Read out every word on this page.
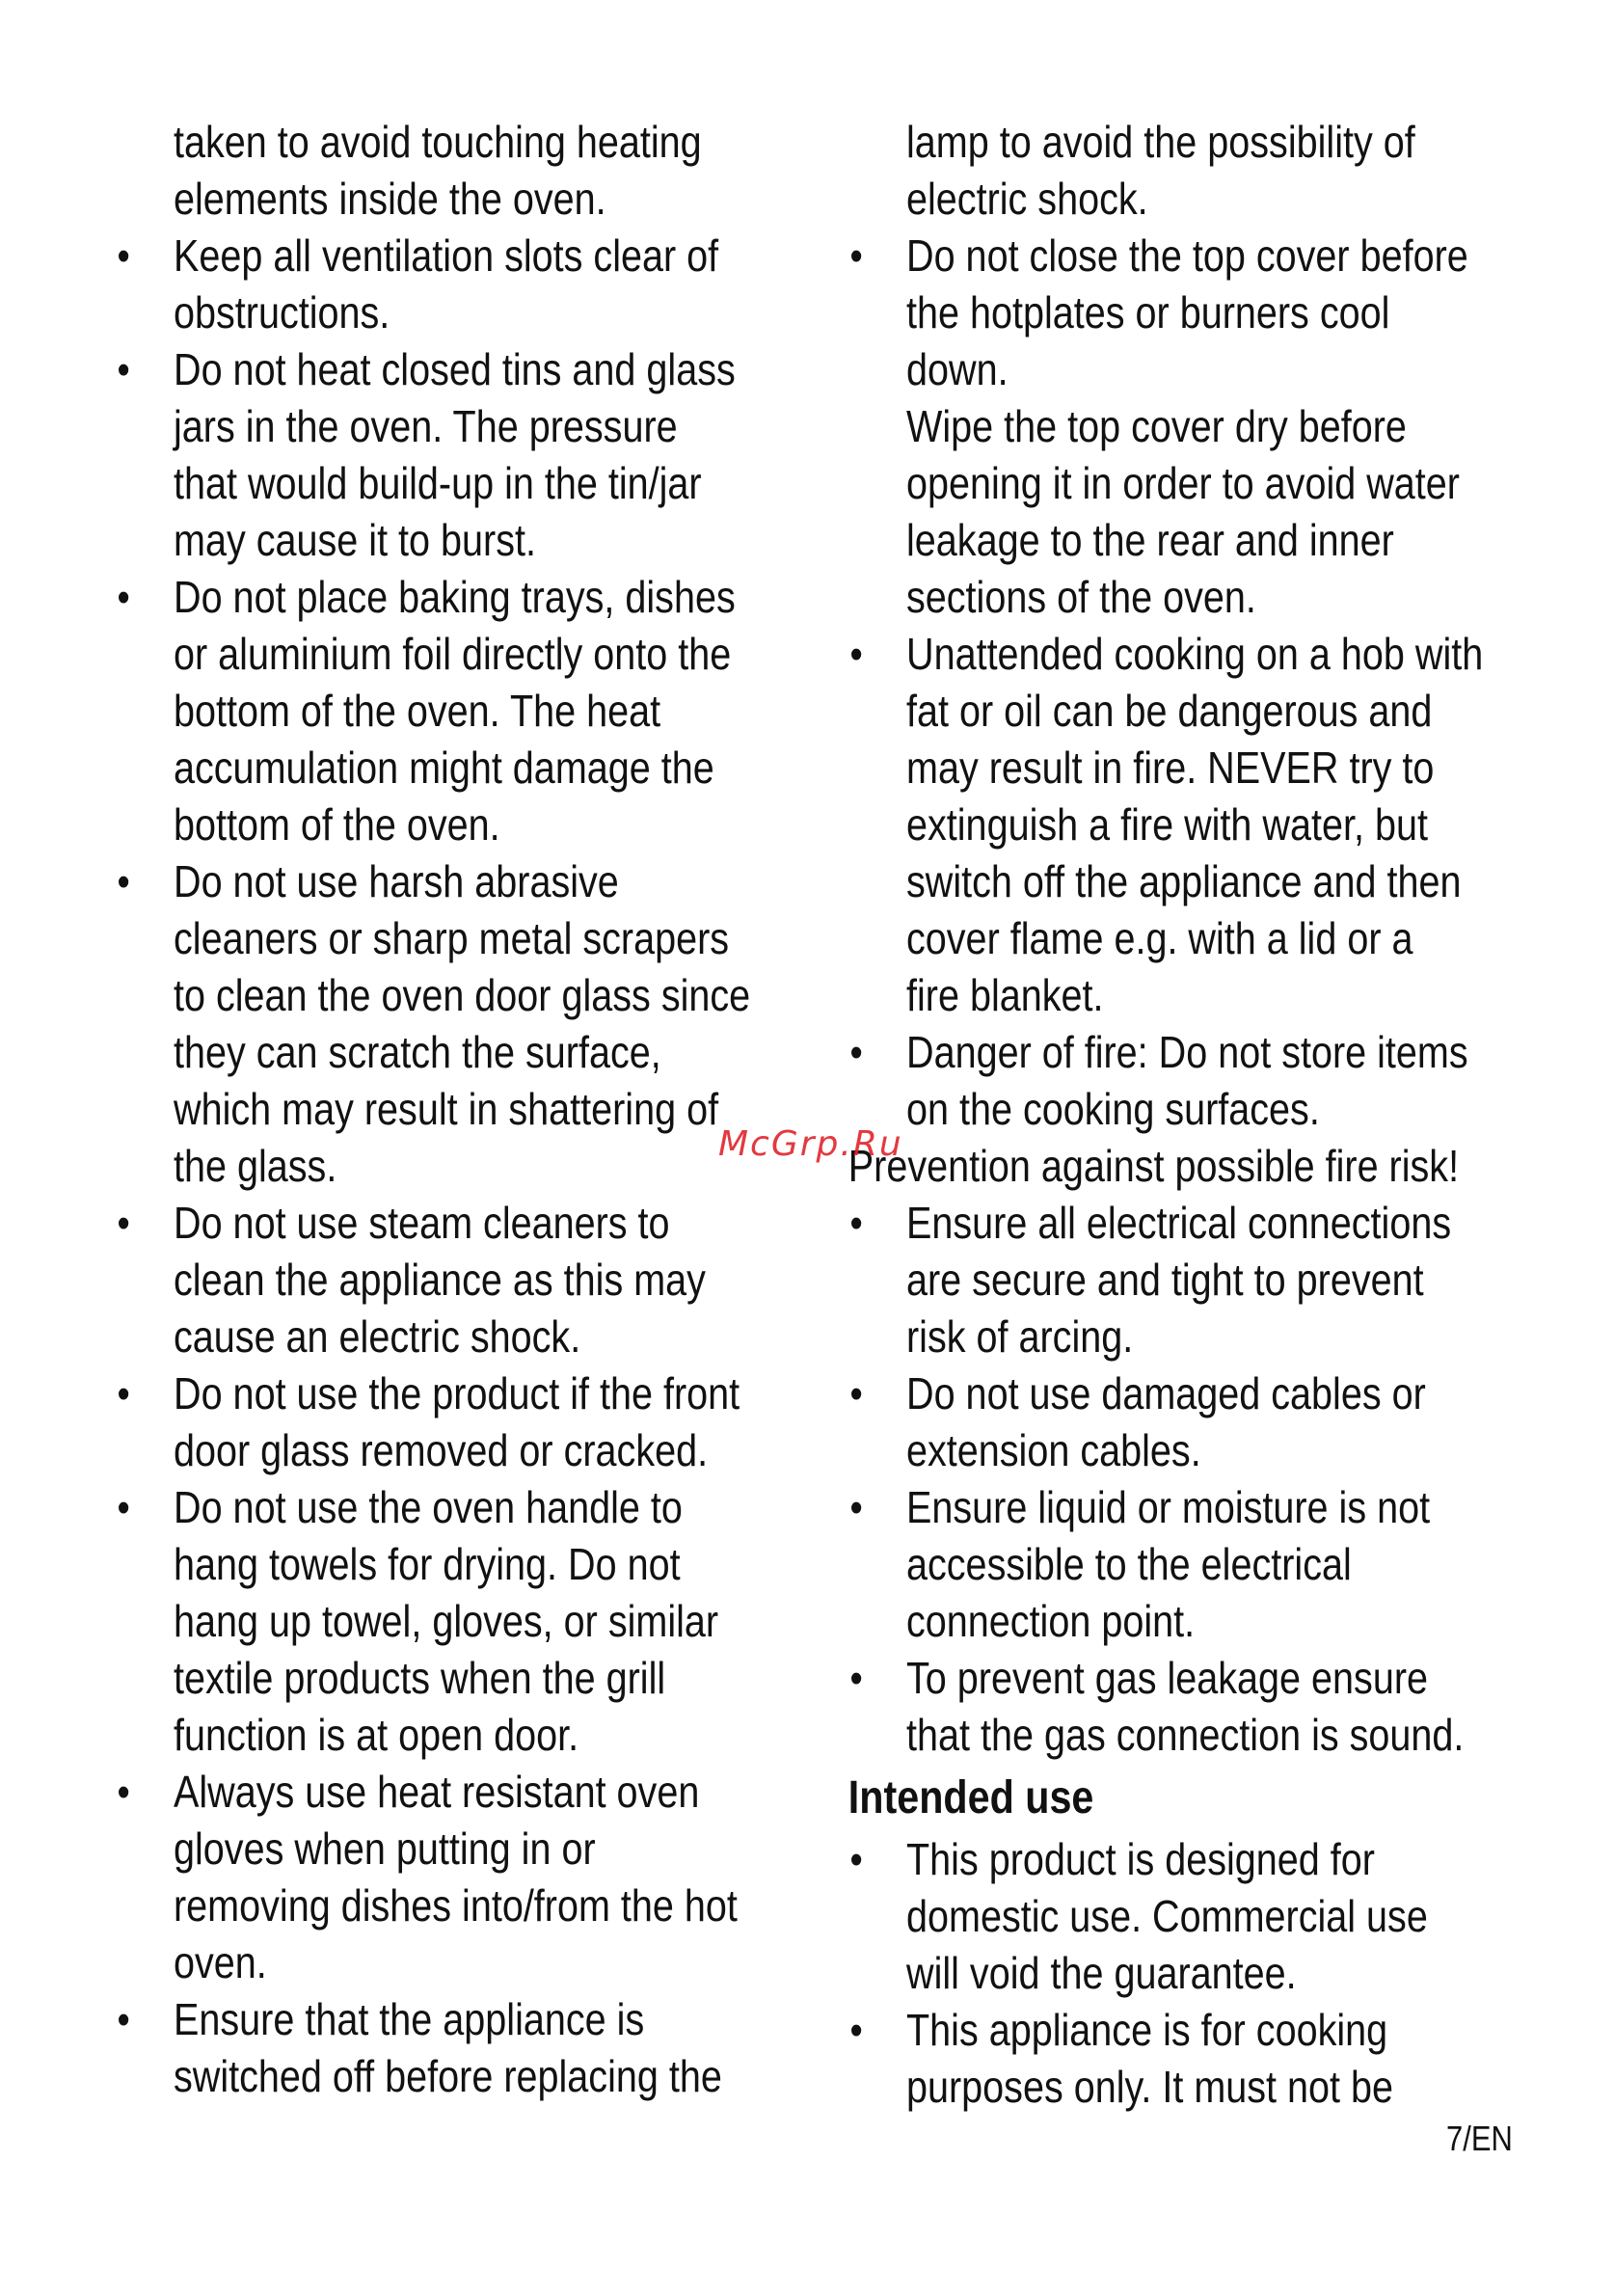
taken to avoid touching heating
elements inside the oven.

• Keep all ventilation slots clear of
obstructions.
• Do not heat closed tins and glass
jars in the oven. The pressure
that would build-up in the tin/jar
may cause it to burst.
• Do not place baking trays, dishes
or aluminium foil directly onto the
bottom of the oven. The heat
accumulation might damage the
bottom of the oven.
• Do not use harsh abrasive
cleaners or sharp metal scrapers
to clean the oven door glass since
they can scratch the surface,
which may result in shattering of
the glass.
• Do not use steam cleaners to
clean the appliance as this may
cause an electric shock.
• Do not use the product if the front
door glass removed or cracked.
• Do not use the oven handle to
hang towels for drying. Do not
hang up towel, gloves, or similar
textile products when the grill
function is at open door.
• Always use heat resistant oven
gloves when putting in or
removing dishes into/from the hot
oven.
• Ensure that the appliance is
switched off before replacing the

lamp to avoid the possibility of
electric shock.

• Do not close the top cover before
the hotplates or burners cool
down.
Wipe the top cover dry before
opening it in order to avoid water
leakage to the rear and inner
sections of the oven.
• Unattended cooking on a hob with
fat or oil can be dangerous and
may result in fire. NEVER try to
extinguish a fire with water, but
switch off the appliance and then
cover flame e.g. with a lid or a
fire blanket.
• Danger of fire: Do not store items
on the cooking surfaces.

Prevention against possible fire risk!

• Ensure all electrical connections
are secure and tight to prevent
risk of arcing.
• Do not use damaged cables or
extension cables.
• Ensure liquid or moisture is not
accessible to the electrical
connection point.
• To prevent gas leakage ensure
that the gas connection is sound.
Intended use
• This product is designed for
domestic use. Commercial use
will void the guarantee.
• This appliance is for cooking
purposes only. It must not be
McGrp.Ru
7/EN
